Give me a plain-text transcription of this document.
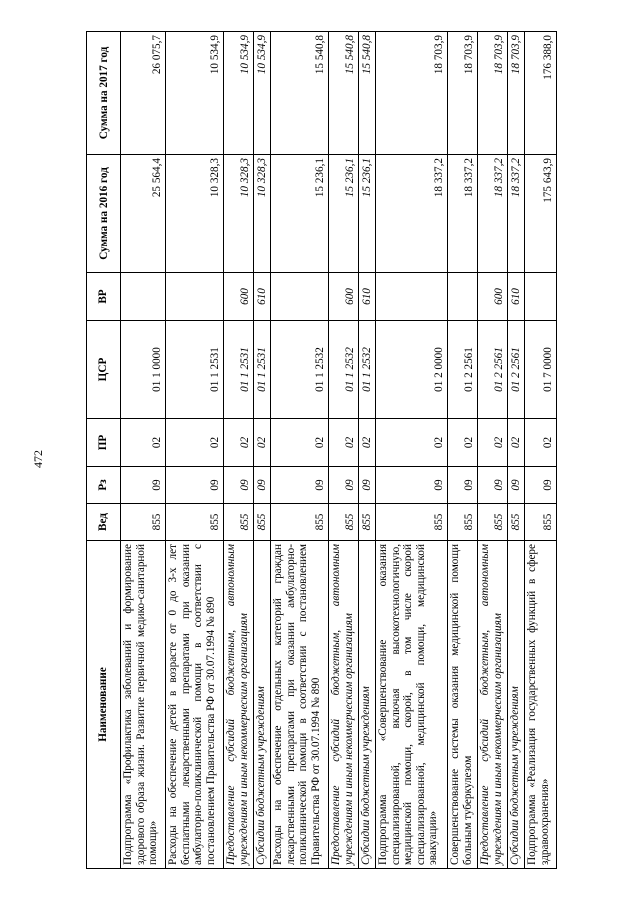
472
Наименование	Вед	Рз	ПР	ЦСР	ВР	Сумма на 2016 год	Сумма на 2017 год
Подпрограмма «Профилактика заболеваний и формирование здорового образа жизни. Развитие первичной медико-санитарной помощи»	855	09	02	01 1 0000		25 564,4	26 075,7
Расходы на обеспечение детей в возрасте от 0 до 3-х лет бесплатными лекарственными препаратами при оказании амбулаторно-поликлинической помощи в соответствии с постановлением Правительства РФ от 30.07.1994 № 890	855	09	02	01 1 2531		10 328,3	10 534,9
Предоставление субсидий бюджетным, автономным учреждениям и иным некоммерческим организациям	855	09	02	01 1 2531	600	10 328,3	10 534,9
Субсидии бюджетным учреждениям	855	09	02	01 1 2531	610	10 328,3	10 534,9
Расходы на обеспечение отдельных категорий граждан лекарственными препаратами при оказании амбулаторно-поликлинической помощи в соответствии с постановлением Правительства РФ от 30.07.1994 № 890	855	09	02	01 1 2532		15 236,1	15 540,8
Предоставление субсидий бюджетным, автономным учреждениям и иным некоммерческим организациям	855	09	02	01 1 2532	600	15 236,1	15 540,8
Субсидии бюджетным учреждениям	855	09	02	01 1 2532	610	15 236,1	15 540,8
Подпрограмма «Совершенствование оказания специализированной, включая высокотехнологичную, медицинской помощи, скорой, в том числе скорой специализированной, медицинской помощи, медицинской эвакуации»	855	09	02	01 2 0000		18 337,2	18 703,9
Совершенствование системы оказания медицинской помощи больным туберкулезом	855	09	02	01 2 2561		18 337,2	18 703,9
Предоставление субсидий бюджетным, автономным учреждениям и иным некоммерческим организациям	855	09	02	01 2 2561	600	18 337,2	18 703,9
Субсидии бюджетным учреждениям	855	09	02	01 2 2561	610	18 337,2	18 703,9
Подпрограмма «Реализация государственных функций в сфере здравоохранения»	855	09	02	01 7 0000		175 643,9	176 388,0
